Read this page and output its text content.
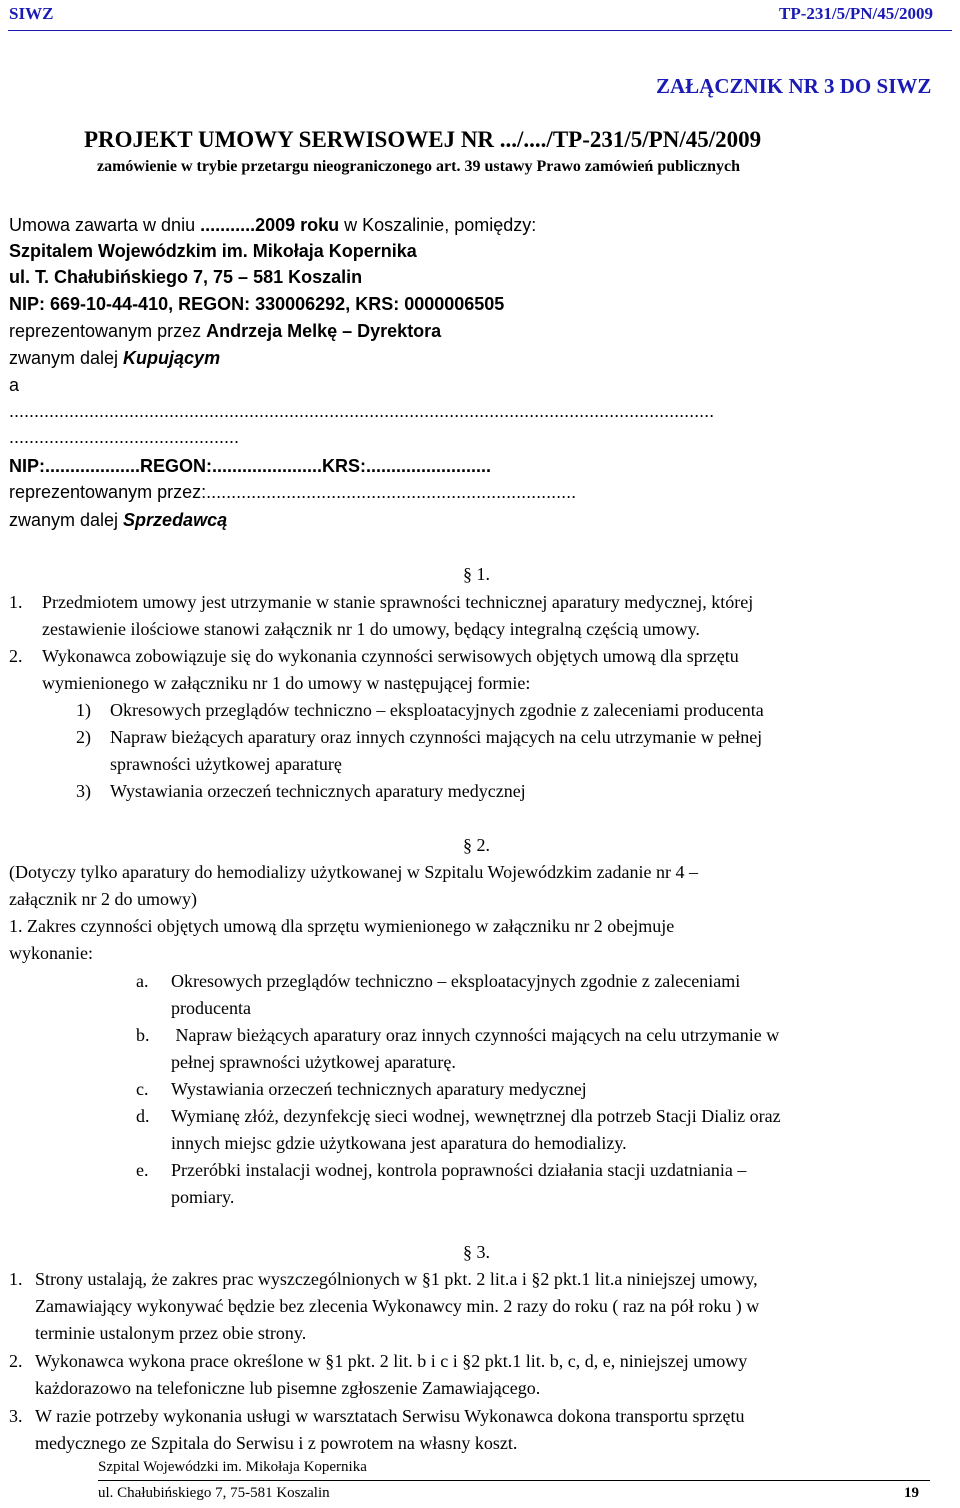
SIWZ	TP-231/5/PN/45/2009
ZAŁĄCZNIK NR 3 DO SIWZ
PROJEKT UMOWY SERWISOWEJ NR .../..../TP-231/5/PN/45/2009
zamówienie w trybie przetargu nieograniczonego art. 39 ustawy Prawo zamówień publicznych
Umowa zawarta w dniu ...........2009 roku w Koszalinie, pomiędzy:
Szpitalem Wojewódzkim im. Mikołaja Kopernika
ul. T. Chałubińskiego 7, 75 – 581 Koszalin
NIP: 669-10-44-410, REGON: 330006292, KRS: 0000006505
reprezentowanym przez Andrzeja Melkę – Dyrektora
zwanym dalej Kupującym
a
.............................................................................................................................................
..............................................
NIP:...................REGON:......................KRS:.........................
reprezentowanym przez:..........................................................................
zwanym dalej Sprzedawcą
§ 1.
1. Przedmiotem umowy jest utrzymanie w stanie sprawności technicznej aparatury medycznej, której
zestawienie ilościowe stanowi załącznik nr 1 do umowy, będący integralną częścią umowy.
2. Wykonawca zobowiązuje się do wykonania czynności serwisowych objętych umową dla sprzętu
wymienionego w załączniku nr 1 do umowy w następującej formie:
1) Okresowych przeglądów techniczno – eksploatacyjnych zgodnie z zaleceniami producenta
2) Napraw bieżących aparatury oraz innych czynności mających na celu utrzymanie w pełnej
sprawności użytkowej aparaturę
3) Wystawiania orzeczeń technicznych aparatury medycznej
§ 2.
(Dotyczy tylko aparatury do hemodializy użytkowanej w Szpitalu Wojewódzkim zadanie nr 4 –
załącznik nr 2 do umowy)
1. Zakres czynności objętych umową dla sprzętu wymienionego w załączniku nr 2 obejmuje
wykonanie:
a. Okresowych przeglądów techniczno – eksploatacyjnych zgodnie z zaleceniami
producenta
b. Napraw bieżących aparatury oraz innych czynności mających na celu utrzymanie w
pełnej sprawności użytkowej aparaturę.
c. Wystawiania orzeczeń technicznych aparatury medycznej
d. Wymianę złóż, dezynfekcję sieci wodnej, wewnętrznej dla potrzeb Stacji Dializ oraz
innych miejsc gdzie użytkowana jest aparatura do hemodializy.
e. Przeróbki instalacji wodnej, kontrola poprawności działania stacji uzdatniania –
pomiary.
§ 3.
1. Strony ustalają, że zakres prac wyszczególnionych w §1 pkt. 2 lit.a i §2 pkt.1 lit.a niniejszej umowy,
Zamawiający wykonywać będzie bez zlecenia Wykonawcy min. 2 razy do roku ( raz na pół roku ) w
terminie ustalonym przez obie strony.
2. Wykonawca wykona prace określone w §1 pkt. 2 lit. b i c i §2 pkt.1 lit. b, c, d, e, niniejszej umowy
każdorazowo na telefoniczne lub pisemne zgłoszenie Zamawiającego.
3. W razie potrzeby wykonania usługi w warsztatach Serwisu Wykonawca dokona transportu sprzętu
medycznego ze Szpitala do Serwisu i z powrotem na własny koszt.
Szpital Wojewódzki im. Mikołaja Kopernika
ul. Chałubińskiego 7, 75-581 Koszalin	19
